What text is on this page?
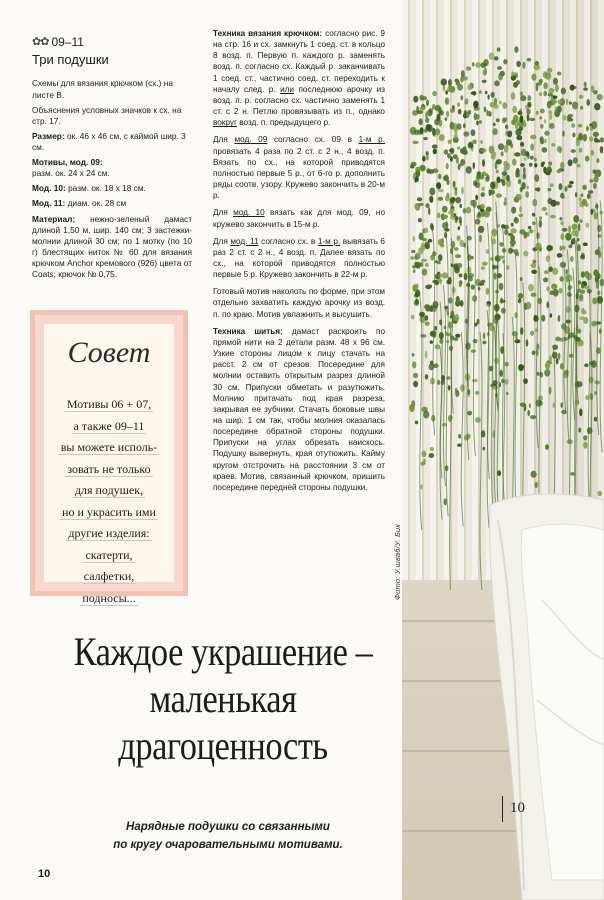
10
Фото: У.шваб/У. Бик
✿✿ 09–11
Три подушки

Схемы для вязания крючком (сх.) на листе В.

Объяснения условных значков к сх. на стр. 17.

Размер: ок. 46 х 46 см, с каймой шир. 3 см.

Мотивы, мод. 09:
разм. ок. 24 х 24 см.

Мод. 10: разм. ок. 18 х 18 см.

Мод. 11: диам. ок. 28 см

Материал: нежно-зеленый дамаст длиной 1,50 м, шир. 140 см; 3 застежки-молнии длиной 30 см; по 1 мотку (по 10 г) блестящих ниток № 60 для вязания крючком Anchor кремового (926) цвета от Coats; крючок № 0,75.

Совет
Мотивы 06 + 07,
а также 09–11
вы можете исполь-
зовать не только
для подушек,
но и украсить ими
другие изделия:
скатерти,
салфетки,
подносы...

Техника вязания крючком: согласно рис. 9 на стр. 16 и сх. замкнуть 1 соед. ст. в кольцо 8 возд. п. Первую п. каждого р. заменять возд. п. согласно сх. Каждый р. заканчивать 1 соед. ст., частично соед. ст. переходить к началу след. р. или последнюю арочку из возд. п. р. согласно сх. частично заменять 1 ст. с 2 н. Петлю провязывать из п., однако вокруг возд. п. предыдущего р.

Для мод. 09 согласно сх. 09 в 1-м р. провязать 4 раза по 2 ст. с 2 н., 4 возд. п. Вязать по сх., на которой приводятся полностью первые 5 р., от 6-го р. дополнить ряды соотв. узору. Кружево закончить в 20-м р.

Для мод. 10 вязать как для мод. 09, но кружево закончить в 15-м р.

Для мод. 11 согласно сх. в 1-м р. вывязать 6 раз 2 ст. с 2 н., 4 возд. п. Далее вязать по сх., на которой приводятся полностью первые 5 р. Кружевo закончить в 22-м р.

Готовый мотив наколоть по форме, при этом отдельно захватить каждую арочку из возд. п. по краю. Мотив увлажнить и высушить.

Техника шитья: дамаст раскроить по прямой нити на 2 детали разм. 48 х 96 см. Узкие стороны лицом к лицу стачать на расст. 2 см от срезов. Посередине для молнии оставить открытым разрез длиной 30 см. Припуски обметать и разутюжить. Молнию притачать под края разреза, закрывая ее зубчики. Стачать боковые швы на шир. 1 см так, чтобы молния оказалась посередине обратной стороны подушки. Припуски на углах обрезать наискось. Подушку вывернуть, края отутюжить. Кайму кругом отстрочить на расстоянии 3 см от краев. Мотив, связанный крючком, пришить посередине передней стороны подушки.

Каждое украшение –
маленькая
драгоценность
Нарядные подушки со связанными
по кругу очаровательными мотивами.
10
